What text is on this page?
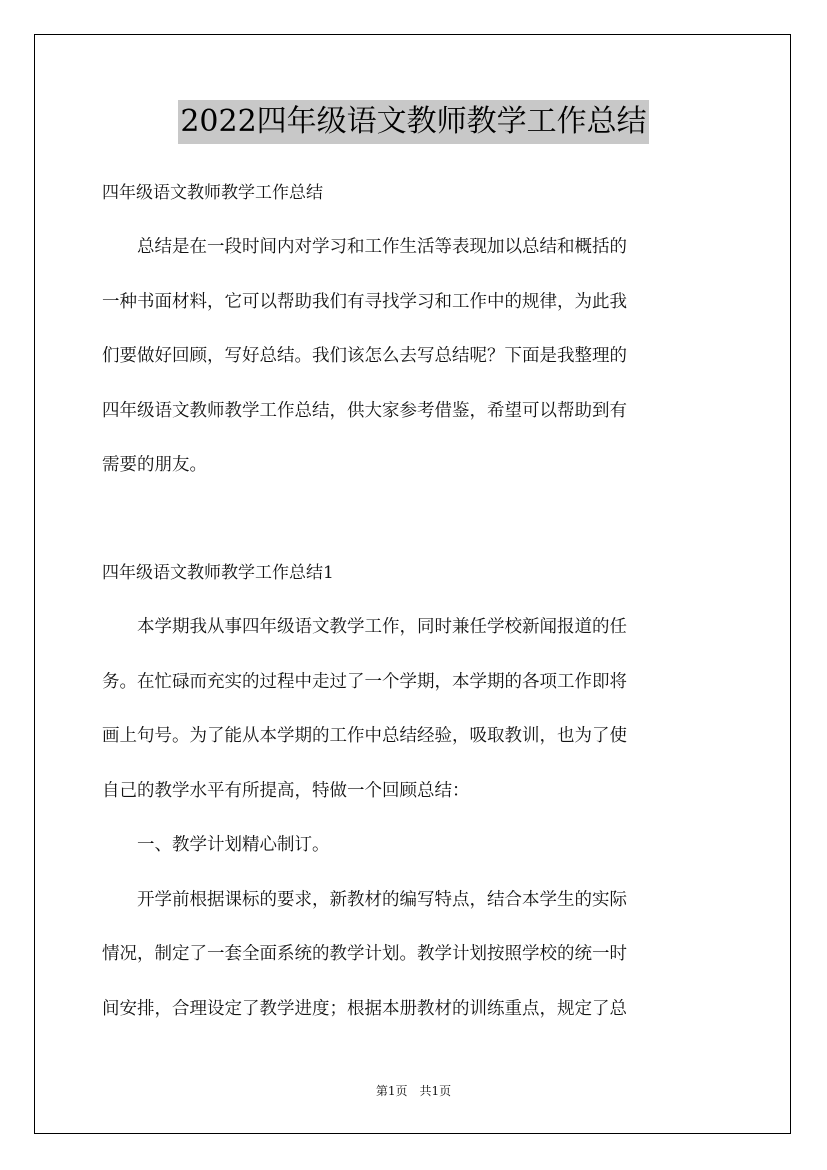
2022四年级语文教师教学工作总结
四年级语文教师教学工作总结
　　总结是在一段时间内对学习和工作生活等表现加以总结和概括的
一种书面材料，它可以帮助我们有寻找学习和工作中的规律，为此我
们要做好回顾，写好总结。我们该怎么去写总结呢？下面是我整理的
四年级语文教师教学工作总结，供大家参考借鉴，希望可以帮助到有
需要的朋友。
四年级语文教师教学工作总结1
　　本学期我从事四年级语文教学工作，同时兼任学校新闻报道的任
务。在忙碌而充实的过程中走过了一个学期，本学期的各项工作即将
画上句号。为了能从本学期的工作中总结经验，吸取教训，也为了使
自己的教学水平有所提高，特做一个回顾总结：
　　一、教学计划精心制订。
　　开学前根据课标的要求，新教材的编写特点，结合本学生的实际
情况，制定了一套全面系统的教学计划。教学计划按照学校的统一时
间安排，合理设定了教学进度；根据本册教材的训练重点，规定了总
第1页　共1页
